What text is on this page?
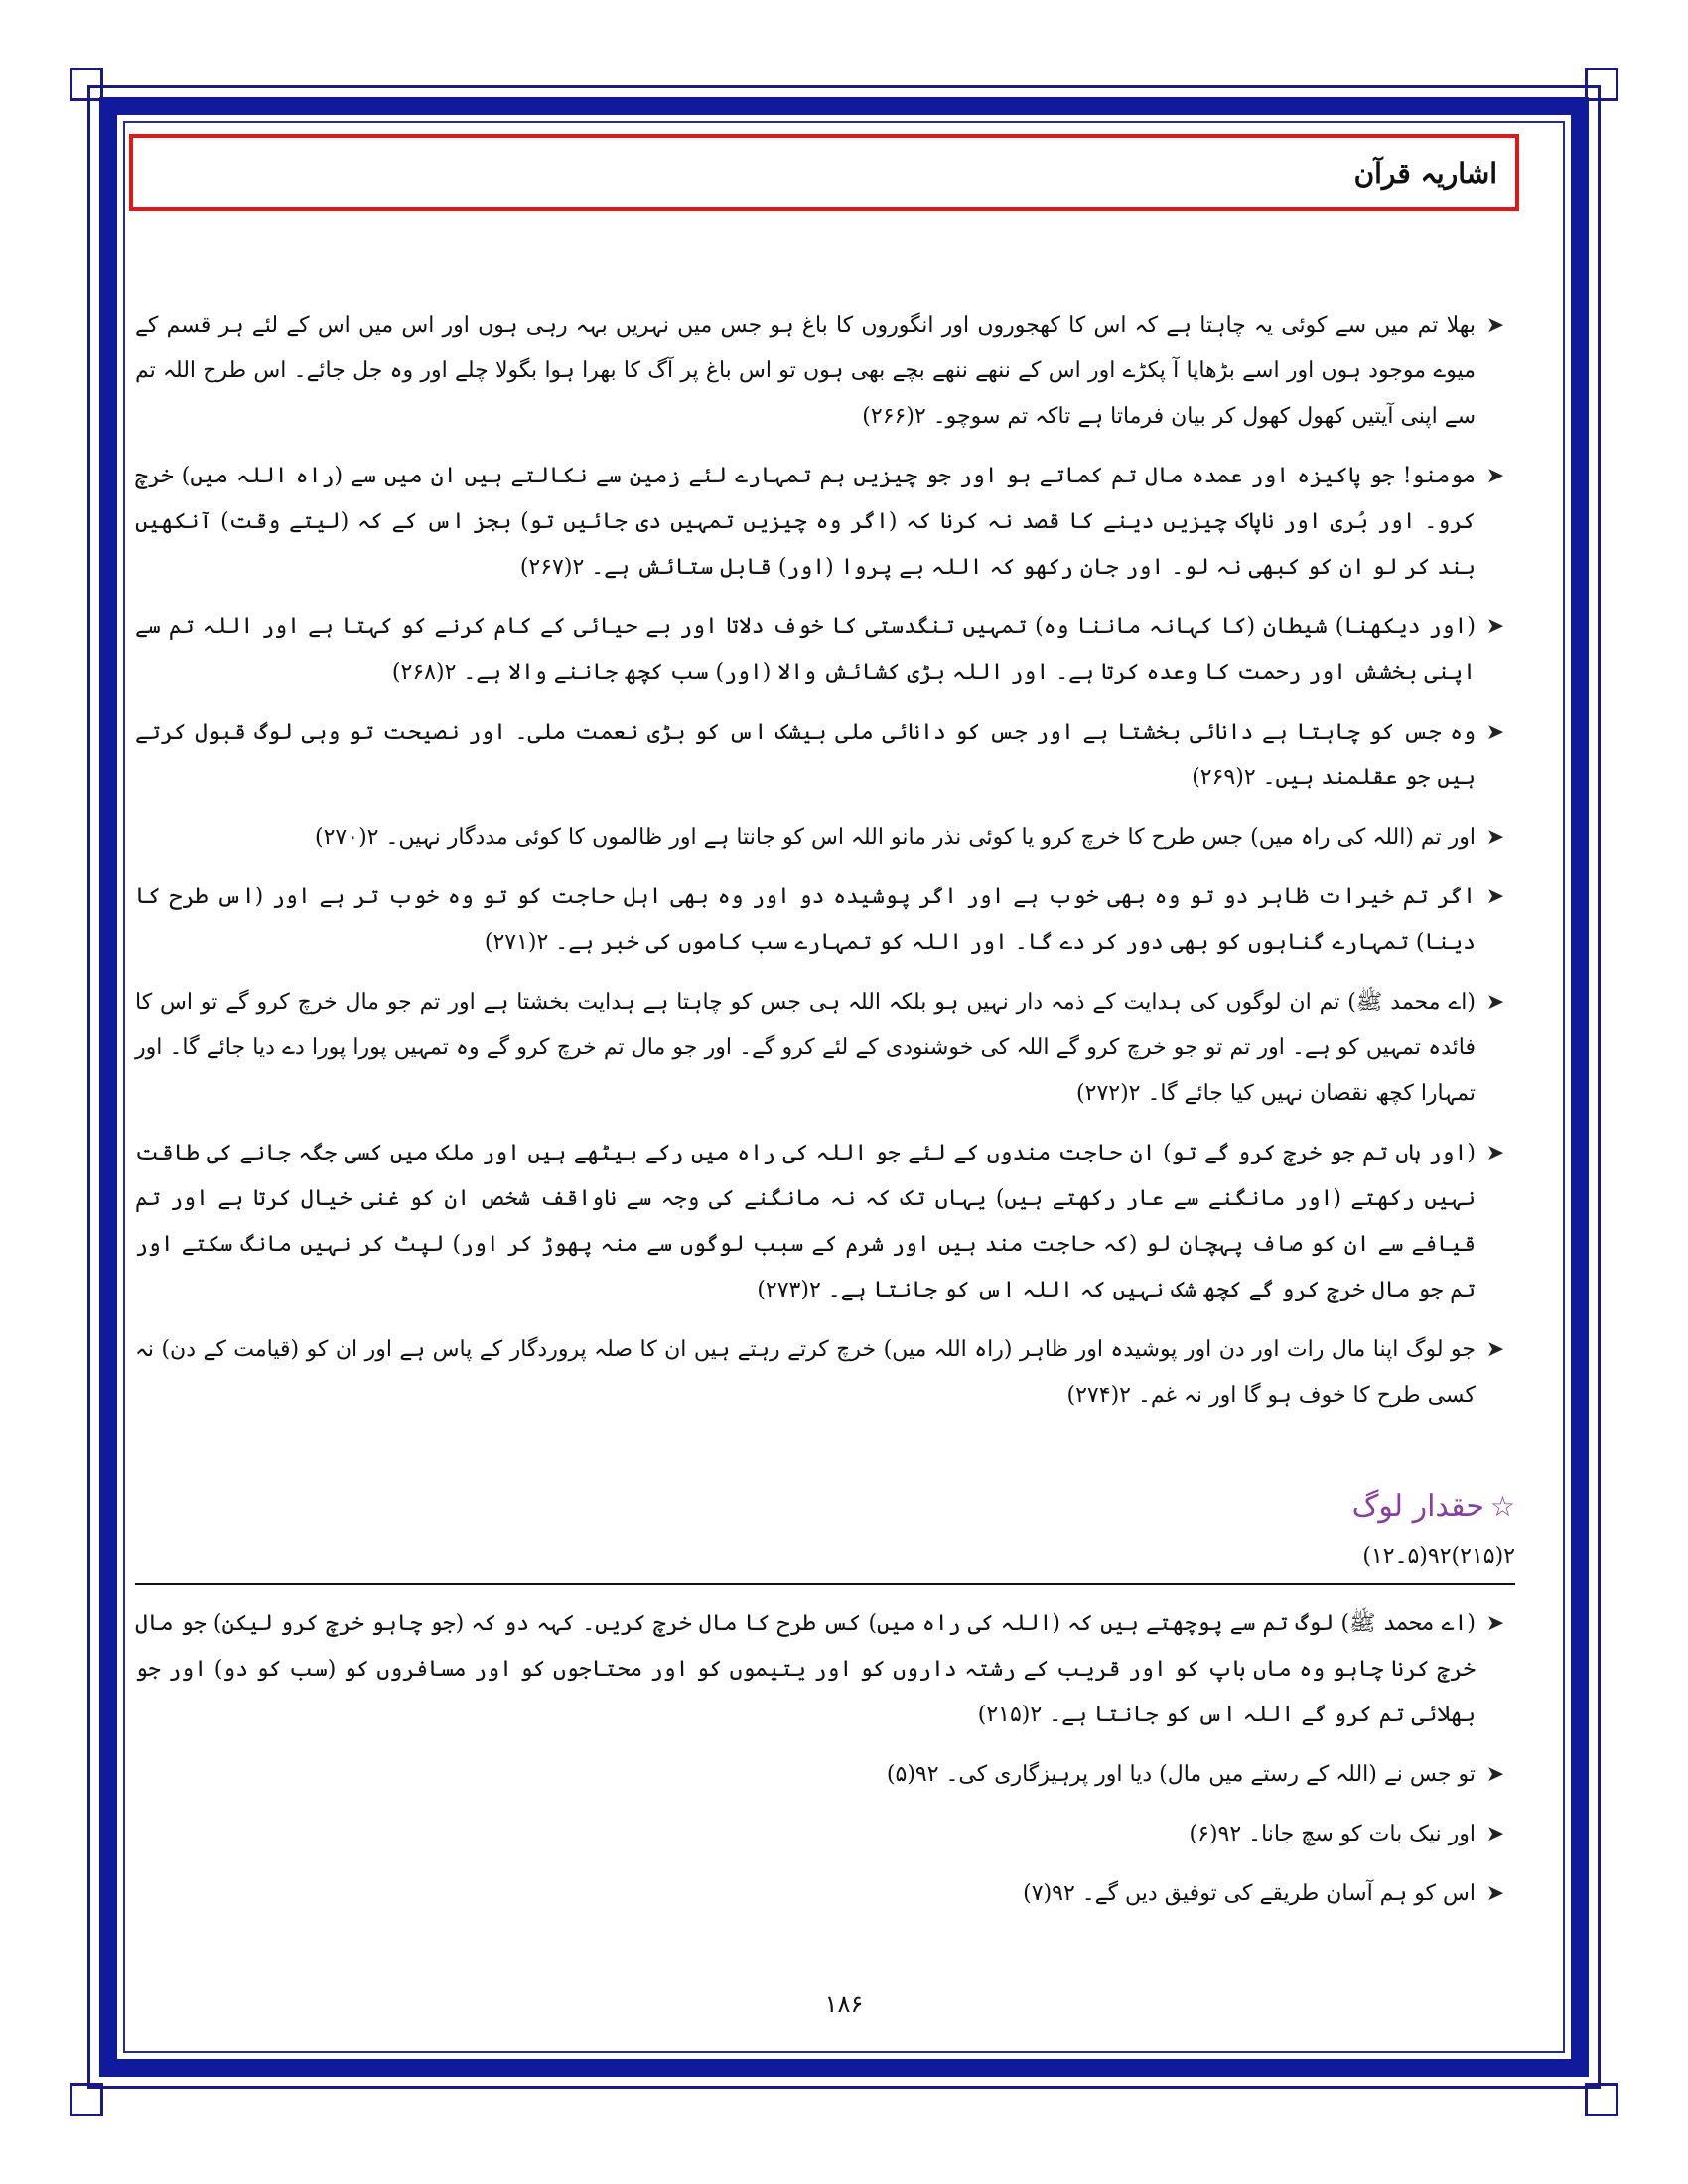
اشاریہ قرآن
➤
بھلا تم میں سے کوئی یہ چاہتا ہے کہ اس کا کھجوروں اور انگوروں کا باغ ہو جس میں نہریں بہہ رہی ہوں اور اس میں اس کے لئے ہر قسم کے میوے موجود ہوں اور اسے بڑھاپا آ پکڑے اور اس کے ننھے ننھے بچے بھی ہوں تو اس باغ پر آگ کا بھرا ہوا بگولا چلے اور وہ جل جائے۔ اس طرح اللہ تم سے اپنی آیتیں کھول کھول کر بیان فرماتا ہے تاکہ تم سوچو۔ ۲(۲۶۶)
➤
مومنو! جو پاکیزہ اور عمدہ مال تم کماتے ہو اور جو چیزیں ہم تمہارے لئے زمین سے نکالتے ہیں ان میں سے (راہ اللہ میں) خرچ کرو۔ اور بُری اور ناپاک چیزیں دینے کا قصد نہ کرنا کہ (اگر وہ چیزیں تمہیں دی جائیں تو) بجز اس کے کہ (لیتے وقت) آنکھیں بند کر لو ان کو کبھی نہ لو۔ اور جان رکھو کہ اللہ بے پروا (اور) قابل ستائش ہے۔ ۲(۲۶۷)
➤
(اور دیکھنا) شیطان (کا کہانہ ماننا وہ) تمہیں تنگدستی کا خوف دلاتا اور بے حیائی کے کام کرنے کو کہتا ہے اور اللہ تم سے اپنی بخشش اور رحمت کا وعدہ کرتا ہے۔ اور اللہ بڑی کشائش والا (اور) سب کچھ جاننے والا ہے۔ ۲(۲۶۸)
➤
وہ جس کو چاہتا ہے دانائی بخشتا ہے اور جس کو دانائی ملی بیشک اس کو بڑی نعمت ملی۔ اور نصیحت تو وہی لوگ قبول کرتے ہیں جو عقلمند ہیں۔ ۲(۲۶۹)
➤
اور تم (اللہ کی راہ میں) جس طرح کا خرچ کرو یا کوئی نذر مانو اللہ اس کو جانتا ہے اور ظالموں کا کوئی مددگار نہیں۔ ۲(۲۷۰)
➤
اگر تم خیرات ظاہر دو تو وہ بھی خوب ہے اور اگر پوشیدہ دو اور وہ بھی اہل حاجت کو تو وہ خوب تر ہے اور (اس طرح کا دینا) تمہارے گناہوں کو بھی دور کر دے گا۔ اور اللہ کو تمہارے سب کاموں کی خبر ہے۔ ۲(۲۷۱)
➤
(اے محمد ﷺ) تم ان لوگوں کی ہدایت کے ذمہ دار نہیں ہو بلکہ اللہ ہی جس کو چاہتا ہے ہدایت بخشتا ہے اور تم جو مال خرچ کرو گے تو اس کا فائدہ تمہیں کو ہے۔ اور تم تو جو خرچ کرو گے اللہ کی خوشنودی کے لئے کرو گے۔ اور جو مال تم خرچ کرو گے وہ تمہیں پورا پورا دے دیا جائے گا۔ اور تمہارا کچھ نقصان نہیں کیا جائے گا۔ ۲(۲۷۲)
➤
(اور ہاں تم جو خرچ کرو گے تو) ان حاجت مندوں کے لئے جو اللہ کی راہ میں رکے بیٹھے ہیں اور ملک میں کسی جگہ جانے کی طاقت نہیں رکھتے (اور مانگنے سے عار رکھتے ہیں) یہاں تک کہ نہ مانگنے کی وجہ سے ناواقف شخص ان کو غنی خیال کرتا ہے اور تم قیافے سے ان کو صاف پہچان لو (کہ حاجت مند ہیں اور شرم کے سبب لوگوں سے منہ پھوڑ کر اور) لپٹ کر نہیں مانگ سکتے اور تم جو مال خرچ کرو گے کچھ شک نہیں کہ اللہ اس کو جانتا ہے۔ ۲(۲۷۳)
➤
جو لوگ اپنا مال رات اور دن اور پوشیدہ اور ظاہر (راہ اللہ میں) خرچ کرتے رہتے ہیں ان کا صلہ پروردگار کے پاس ہے اور ان کو (قیامت کے دن) نہ کسی طرح کا خوف ہو گا اور نہ غم۔ ۲(۲۷۴)
☆
حقدار لوگ
۲(۲۱۵)۹۲(۵۔۱۲)
➤
(اے محمد ﷺ) لوگ تم سے پوچھتے ہیں کہ (اللہ کی راہ میں) کس طرح کا مال خرچ کریں۔ کہہ دو کہ (جو چاہو خرچ کرو لیکن) جو مال خرچ کرنا چاہو وہ ماں باپ کو اور قریب کے رشتہ داروں کو اور یتیموں کو اور محتاجوں کو اور مسافروں کو (سب کو دو) اور جو بھلائی تم کرو گے اللہ اس کو جانتا ہے۔ ۲(۲۱۵)
➤
تو جس نے (اللہ کے رستے میں مال) دیا اور پرہیزگاری کی۔ ۹۲(۵)
➤
اور نیک بات کو سچ جانا۔ ۹۲(۶)
➤
اس کو ہم آسان طریقے کی توفیق دیں گے۔ ۹۲(۷)
۱۸۶
